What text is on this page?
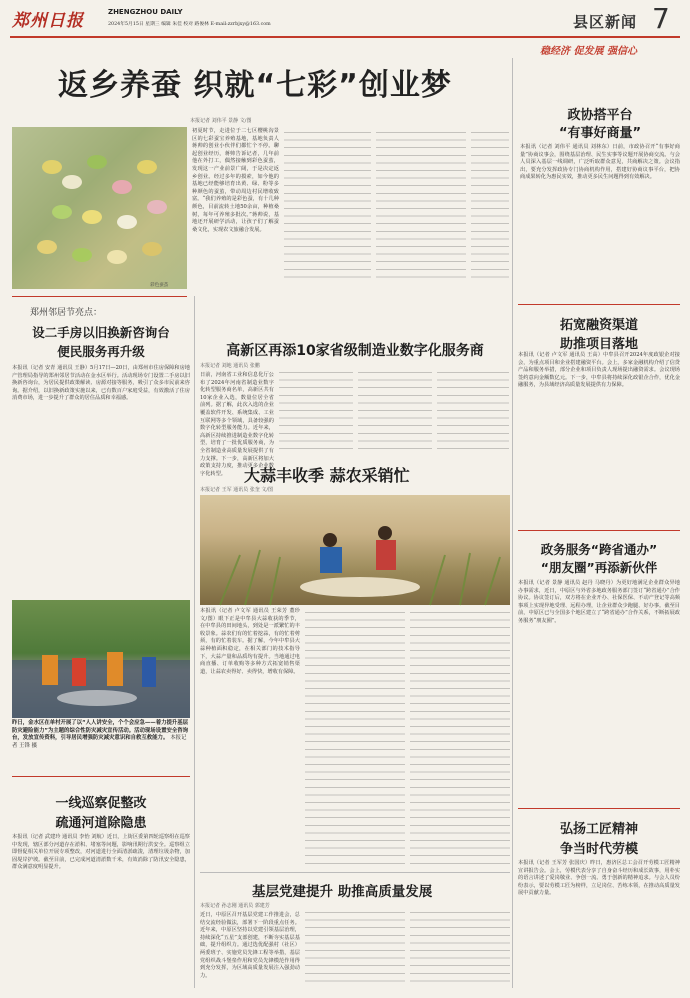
郑州日报	ZHENGZHOU DAILY
2024年5月15日 星期三 编辑 朱佳 校对 路俊林 E-mail:zzrbjxy@163.com	县区新闻 7
稳经济 促发展 强信心
返乡养蚕 织就“七彩”创业梦
本报记者 刘伟平 景静 文/图
彩色蚕茧
初夏时节，走进位于二七区樱桃沟景区的七彩蚕宝养殖基地，基地负责人蒋帅的创业小伙伴们都忙个不停。聊起创业经历，蒋帅告诉记者，几年前他在外打工，偶然接触到彩色蚕茧，发现这一产业前景广阔，于是决定返乡创业。经过多年的摸索，如今他的基地已经能够培育出黄、绿、粉等多种颜色的蚕茧，带动周边村民增收致富。“我们养殖的是彩色蚕，有十几种颜色，目前流转土地50余亩，种植桑树，每年可养殖多批次。”蒋帅说，基地还开展研学活动，让孩子们了解蚕桑文化，实现农文旅融合发展。
政协搭平台
“有事好商量”
本报讯（记者 刘伟平 通讯员 刘林东）日前，市政协召开“有事好商量”协商议事会，围绕基层治理、民生实事等议题开展协商交流。与会人员深入基层一线调研，广泛听取群众意见，共商解决之策。会议指出，要充分发挥政协专门协商机构作用，搭建好协商议事平台，把协商成果转化为惠民实效，推动更多民生问题得到有效解决。
郑州邻居节亮点：
设二手房以旧换新咨询台
便民服务再升级
本报讯（记者 安青 通讯员 王静）5月17日—20日，由郑州市住房保障和房地产管理局指导的郑州邻居节活动在金水区举行。活动现场专门设置二手房以旧换新咨询台，为居民提供政策解读、房源对接等服务，吸引了众多市民前来咨询。据介绍，以旧换新政策实施以来，已有数百户家庭受益，有效激活了住房消费市场，进一步提升了群众的居住品质和幸福感。
昨日，金水区在单村开展了以“人人讲安全，个个会应急——着力提升基层防灾避险能力”为主题的综合性防灾减灾宣传活动。活动现场设置安全咨询台，发放宣传资料，引导居民增强防灾减灾意识和自救互救能力。 本报记者 王锋 摄
一线巡察促整改
疏通河道除隐患
本报讯（记者 武建玲 通讯员 李怡 刘航）近日，上街区委第四轮巡察组在巡察中发现，辖区部分河道存在淤积、堵塞等问题，影响汛期行洪安全。巡察组立即督促相关单位开展专项整改，对河道进行全面清淤疏浚，清理垃圾杂物，加固堤岸护坡。截至目前，已完成河道清淤数千米，有效消除了防汛安全隐患，群众满意度明显提升。
高新区再添10家省级制造业数字化服务商
本报记者 刘地 通讯员 张鹏
日前，河南省工业和信息化厅公布了2024年河南省制造业数字化转型服务商名单，高新区共有10家企业入选，数量位居全省前列。据了解，此次入选的企业覆盖软件开发、系统集成、工业互联网等多个领域，具备较强的数字化转型服务能力。近年来，高新区持续推进制造业数字化转型，培育了一批优质服务商，为全省制造业高质量发展提供了有力支撑。下一步，高新区将加大政策支持力度，推动更多企业数字化转型。	大蒜丰收季 蒜农采销忙
本报记者 王军 通讯员 张奎 文/图
本报讯（记者 卢文军 通讯员 王荣芳 董珍 文/图）眼下正是中牟县大蒜收获的季节，在中牟县的田间地头，到处是一派繁忙的丰收景象。蒜农们有的忙着挖蒜，有的忙着剪须，有的忙着装车。据了解，今年中牟县大蒜种植面积稳定，在相关部门的技术指导下，大蒜产量和品质均有提升。当地通过电商直播、订单收购等多种方式拓宽销售渠道，让蒜农卖得好、卖得快，增收有保障。
基层党建提升 助推高质量发展
本报记者 孙志刚 通讯员 郭建芳
近日，中原区召开基层党建工作推进会，总结交流经验做法，部署下一阶段重点任务。近年来，中原区坚持以党建引领基层治理，持续深化“五星”支部创建，不断夯实基层基础，提升组织力。通过选优配强村（社区）两委班子、实施党员先锋工程等举措，基层党组织战斗堡垒作用和党员先锋模范作用得到充分发挥，为区域高质量发展注入强劲动力。
拓宽融资渠道
助推项目落地
本报讯（记者 卢文军 通讯员 王高）中牟县召开2024年度政银企对接会，为重点项目和企业搭建融资平台。会上，多家金融机构介绍了信贷产品和服务举措，部分企业和项目负责人现场提出融资需求。会议现场签约意向金额数亿元。下一步，中牟县将持续深化政银企合作，优化金融服务，为县域经济高质量发展提供有力保障。
政务服务“跨省通办”
“朋友圈”再添新伙伴
本报讯（记者 景静 通讯员 赵丹 马晓丹）为更好地满足企业群众异地办事需求，近日，中原区与外省多地政务服务部门签订“跨省通办”合作协议。协议签订后，双方将在企业开办、社保医保、不动产登记等高频事项上实现异地受理、远程办理，让企业群众少跑腿、好办事。截至目前，中原区已与全国多个地区建立了“跨省通办”合作关系，不断拓展政务服务“朋友圈”。
弘扬工匠精神
争当时代劳模
本报讯（记者 王军芳 张国庆）昨日，惠济区总工会召开劳模工匠精神宣讲报告会。会上，劳模代表分享了自身奋斗经历和成长故事，用朴实的语言讲述了爱岗敬业、争创一流、勇于创新的精神追求。与会人员纷纷表示，要以劳模工匠为榜样，立足岗位、苦练本领，在推动高质量发展中贡献力量。
